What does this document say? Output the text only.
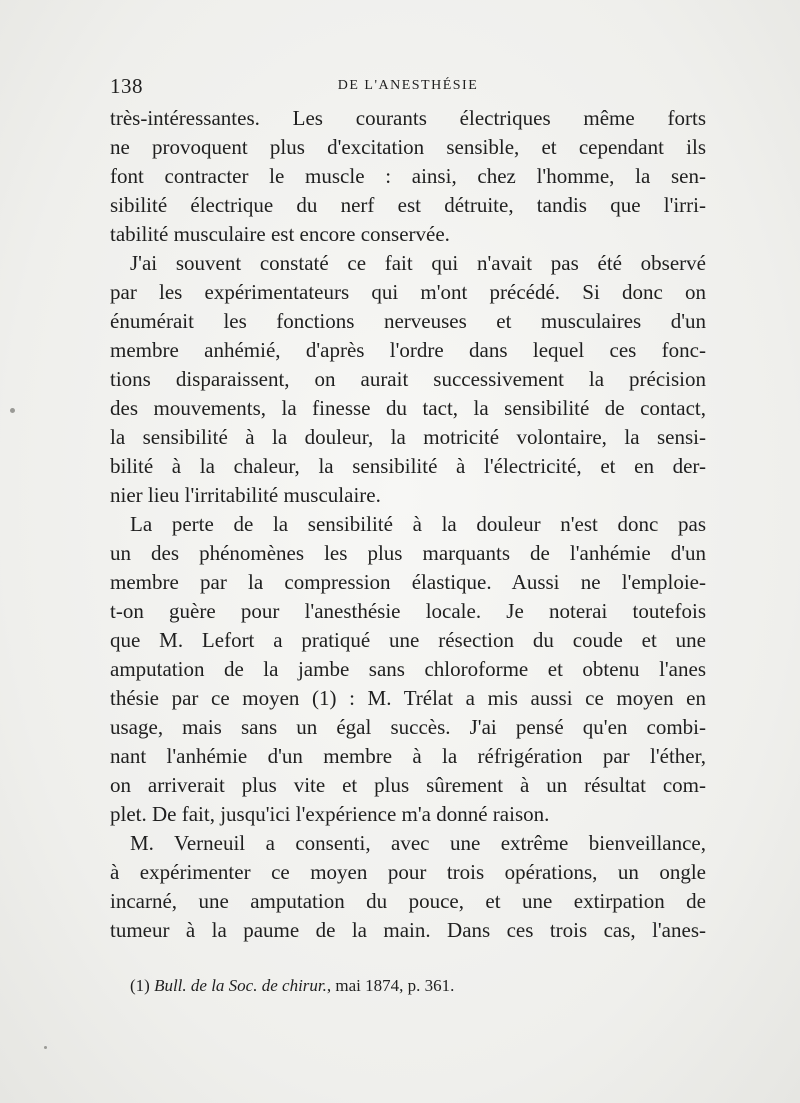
138	DE L'ANESTHÉSIE
très-intéressantes. Les courants électriques même forts
ne provoquent plus d'excitation sensible, et cependant ils
font contracter le muscle : ainsi, chez l'homme, la sen-
sibilité électrique du nerf est détruite, tandis que l'irri-
tabilité musculaire est encore conservée.
J'ai souvent constaté ce fait qui n'avait pas été observé
par les expérimentateurs qui m'ont précédé. Si donc on
énumérait les fonctions nerveuses et musculaires d'un
membre anhémié, d'après l'ordre dans lequel ces fonc-
tions disparaissent, on aurait successivement la précision
des mouvements, la finesse du tact, la sensibilité de contact,
la sensibilité à la douleur, la motricité volontaire, la sensi-
bilité à la chaleur, la sensibilité à l'électricité, et en der-
nier lieu l'irritabilité musculaire.
La perte de la sensibilité à la douleur n'est donc pas
un des phénomènes les plus marquants de l'anhémie d'un
membre par la compression élastique. Aussi ne l'emploie-
t-on guère pour l'anesthésie locale. Je noterai toutefois
que M. Lefort a pratiqué une résection du coude et une
amputation de la jambe sans chloroforme et obtenu l'anes
thésie par ce moyen (1) : M. Trélat a mis aussi ce moyen en
usage, mais sans un égal succès. J'ai pensé qu'en combi-
nant l'anhémie d'un membre à la réfrigération par l'éther,
on arriverait plus vite et plus sûrement à un résultat com-
plet. De fait, jusqu'ici l'expérience m'a donné raison.
M. Verneuil a consenti, avec une extrême bienveillance,
à expérimenter ce moyen pour trois opérations, un ongle
incarné, une amputation du pouce, et une extirpation de
tumeur à la paume de la main. Dans ces trois cas, l'anes-
(1) Bull. de la Soc. de chirur., mai 1874, p. 361.
